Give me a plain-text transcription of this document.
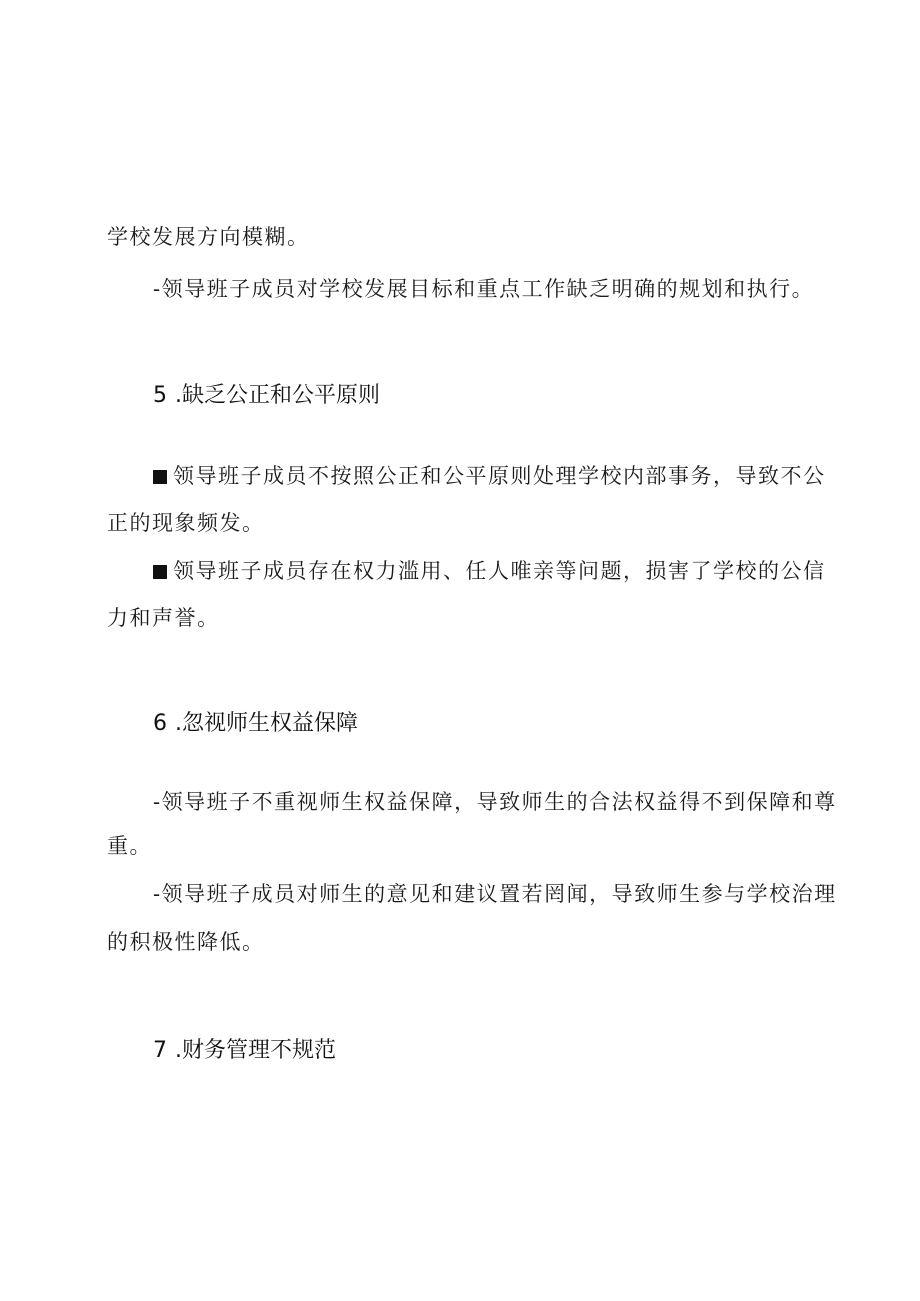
学校发展方向模糊。
-领导班子成员对学校发展目标和重点工作缺乏明确的规划和执行。
5 .缺乏公正和公平原则
领导班子成员不按照公正和公平原则处理学校内部事务，导致不公
正的现象频发。
领导班子成员存在权力滥用、任人唯亲等问题，损害了学校的公信
力和声誉。
6 .忽视师生权益保障
-领导班子不重视师生权益保障，导致师生的合法权益得不到保障和尊
重。
-领导班子成员对师生的意见和建议置若罔闻，导致师生参与学校治理
的积极性降低。
7 .财务管理不规范
